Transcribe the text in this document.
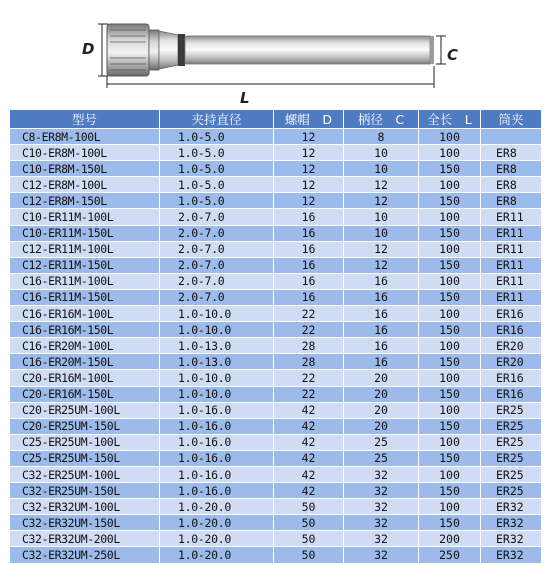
D	C
L
型号	夹持直径	螺帽　D	柄径　C	全长　L	筒夹
C8-ER8M-100L	1.0-5.0	12	8	100	
C10-ER8M-100L	1.0-5.0	12	10	100	ER8
C10-ER8M-150L	1.0-5.0	12	10	150	ER8
C12-ER8M-100L	1.0-5.0	12	12	100	ER8
C12-ER8M-150L	1.0-5.0	12	12	150	ER8
C10-ER11M-100L	2.0-7.0	16	10	100	ER11
C10-ER11M-150L	2.0-7.0	16	10	150	ER11
C12-ER11M-100L	2.0-7.0	16	12	100	ER11
C12-ER11M-150L	2.0-7.0	16	12	150	ER11
C16-ER11M-100L	2.0-7.0	16	16	100	ER11
C16-ER11M-150L	2.0-7.0	16	16	150	ER11
C16-ER16M-100L	1.0-10.0	22	16	100	ER16
C16-ER16M-150L	1.0-10.0	22	16	150	ER16
C16-ER20M-100L	1.0-13.0	28	16	100	ER20
C16-ER20M-150L	1.0-13.0	28	16	150	ER20
C20-ER16M-100L	1.0-10.0	22	20	100	ER16
C20-ER16M-150L	1.0-10.0	22	20	150	ER16
C20-ER25UM-100L	1.0-16.0	42	20	100	ER25
C20-ER25UM-150L	1.0-16.0	42	20	150	ER25
C25-ER25UM-100L	1.0-16.0	42	25	100	ER25
C25-ER25UM-150L	1.0-16.0	42	25	150	ER25
C32-ER25UM-100L	1.0-16.0	42	32	100	ER25
C32-ER25UM-150L	1.0-16.0	42	32	150	ER25
C32-ER32UM-100L	1.0-20.0	50	32	100	ER32
C32-ER32UM-150L	1.0-20.0	50	32	150	ER32
C32-ER32UM-200L	1.0-20.0	50	32	200	ER32
C32-ER32UM-250L	1.0-20.0	50	32	250	ER32
